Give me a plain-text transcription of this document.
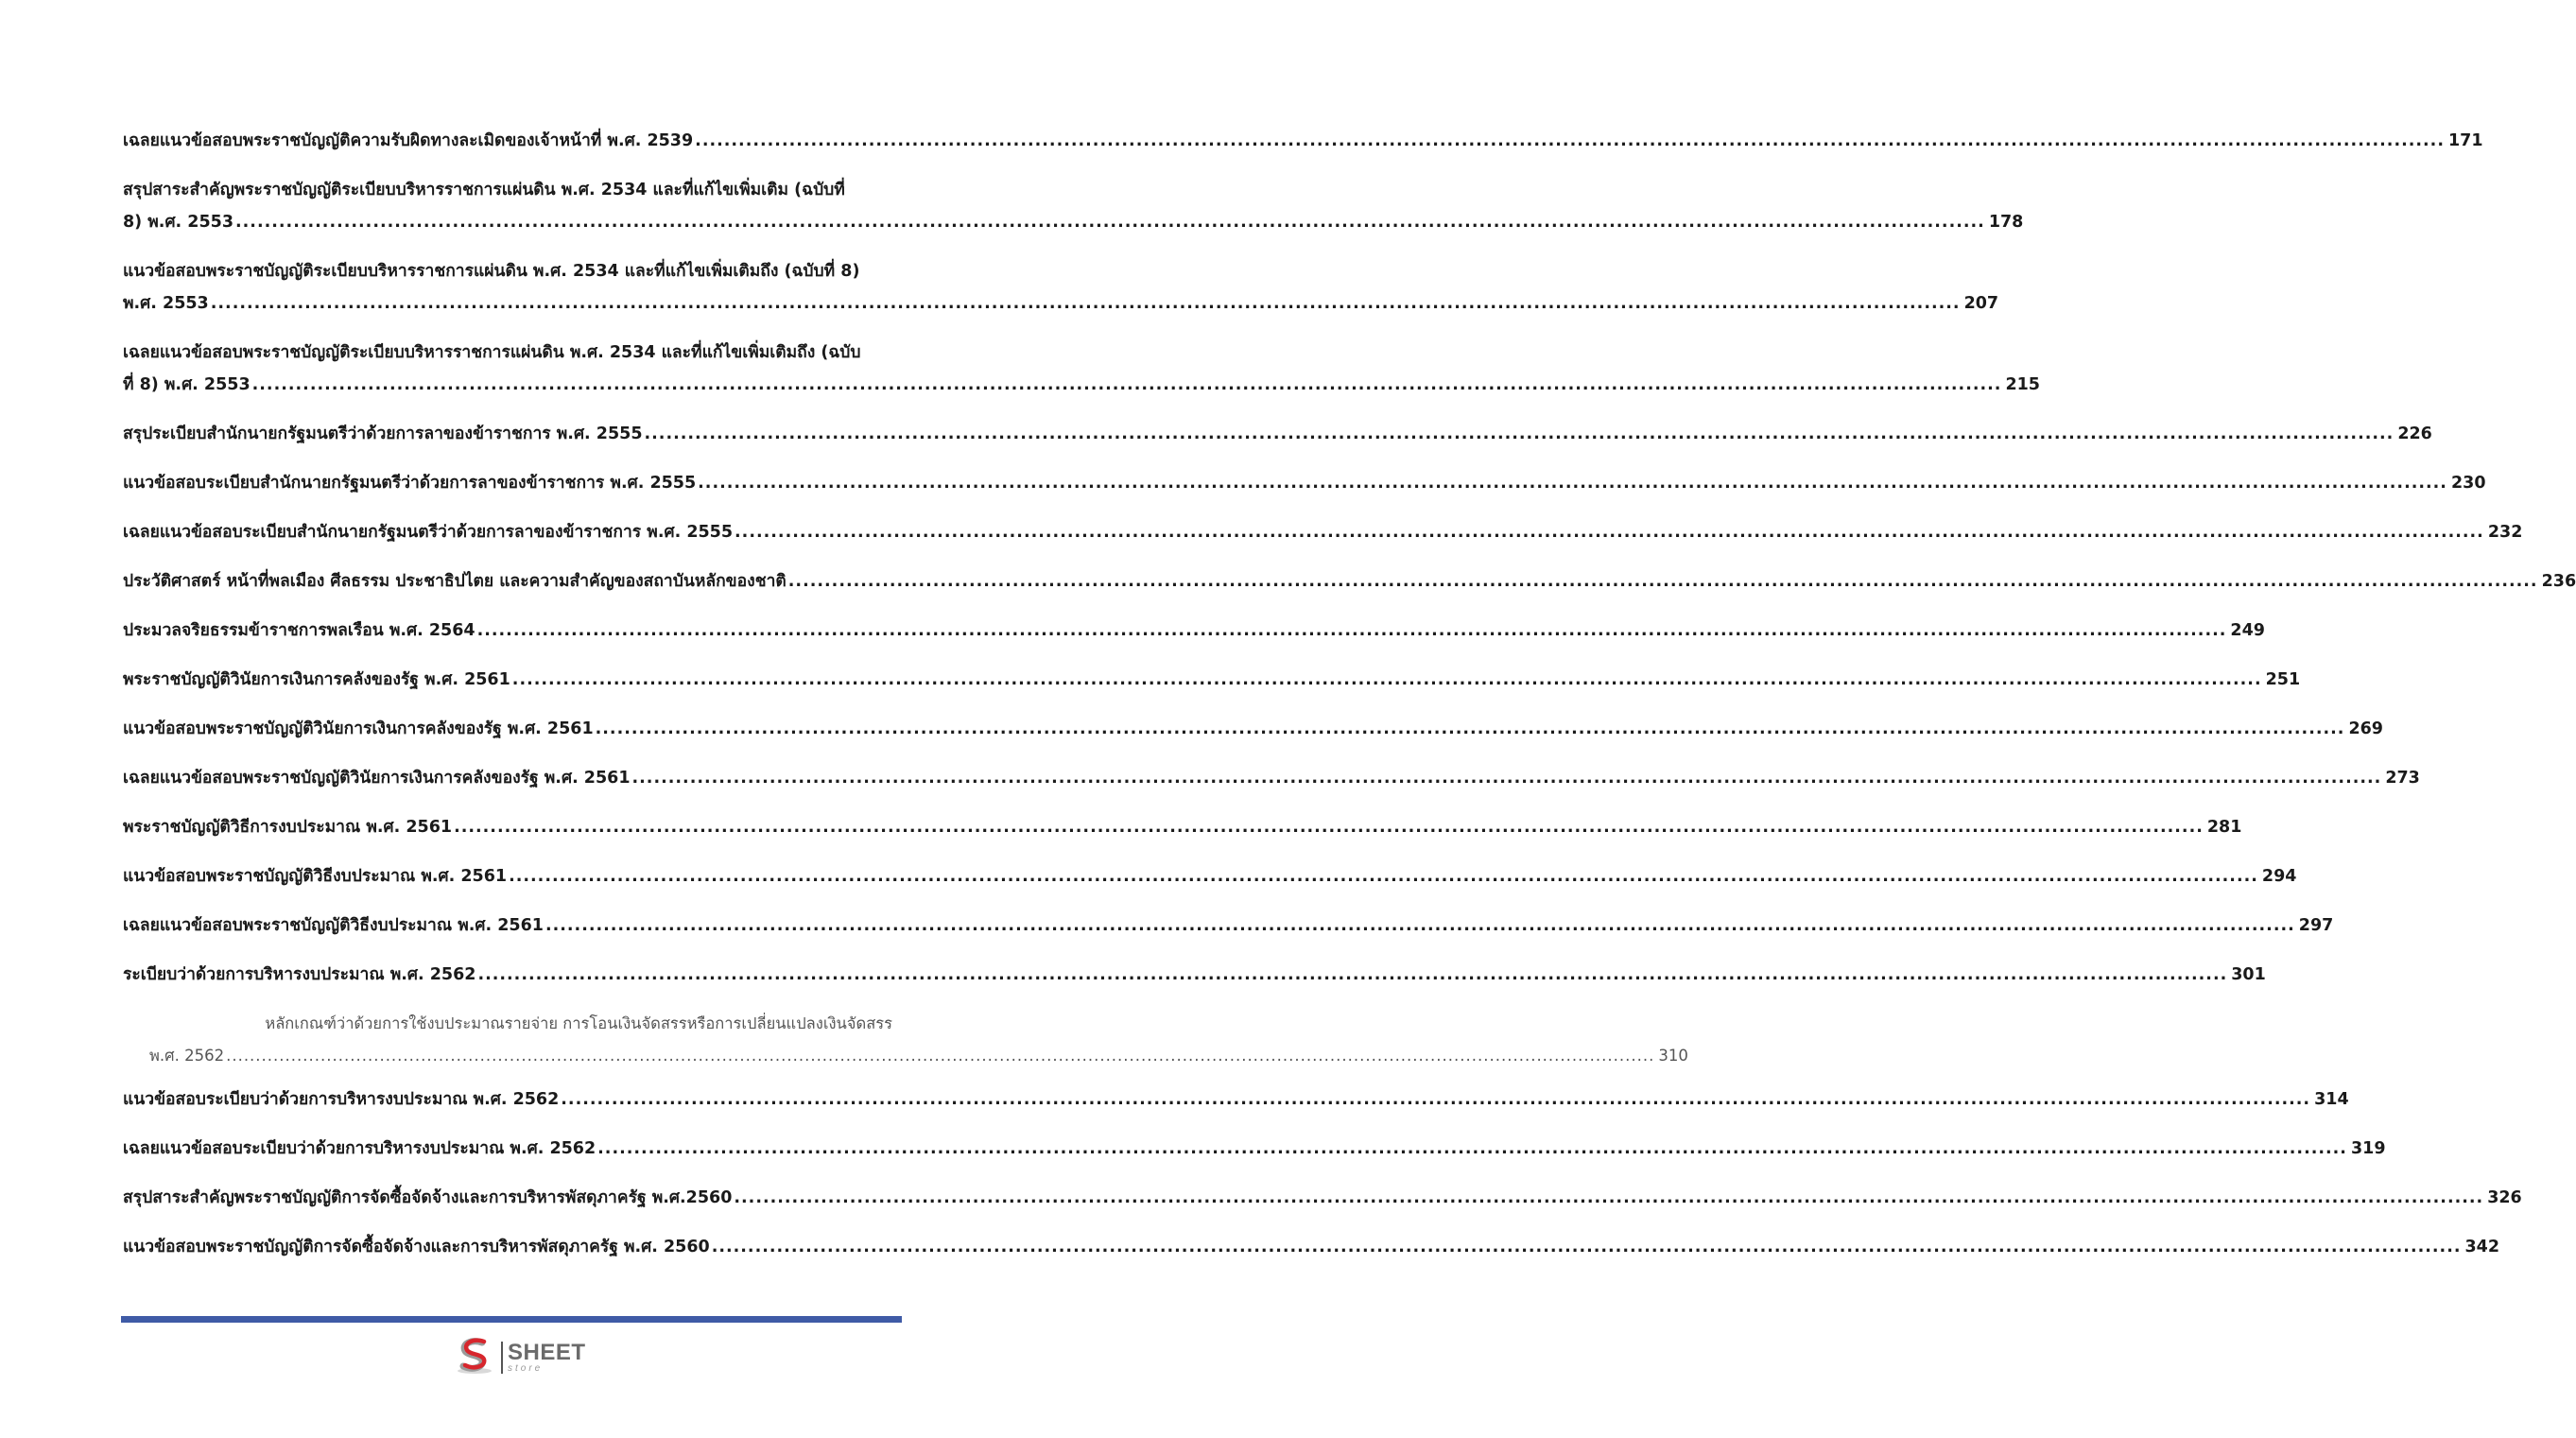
เฉลยแนวข้อสอบพระราชบัญญัติความรับผิดทางละเมิดของเจ้าหน้าที่ พ.ศ. 2539 .....	171
สรุปสาระสำคัญพระราชบัญญัติระเบียบบริหารราชการแผ่นดิน พ.ศ. 2534 และที่แก้ไขเพิ่มเติม (ฉบับที่
8) พ.ศ. 2553 .....	178
แนวข้อสอบพระราชบัญญัติระเบียบบริหารราชการแผ่นดิน พ.ศ. 2534 และที่แก้ไขเพิ่มเติมถึง (ฉบับที่ 8)
พ.ศ. 2553 .....	207
เฉลยแนวข้อสอบพระราชบัญญัติระเบียบบริหารราชการแผ่นดิน พ.ศ. 2534 และที่แก้ไขเพิ่มเติมถึง (ฉบับ
ที่ 8) พ.ศ. 2553 .....	215
สรุประเบียบสำนักนายกรัฐมนตรีว่าด้วยการลาของข้าราชการ พ.ศ. 2555 .....	226
แนวข้อสอบระเบียบสำนักนายกรัฐมนตรีว่าด้วยการลาของข้าราชการ พ.ศ. 2555 .....	230
เฉลยแนวข้อสอบระเบียบสำนักนายกรัฐมนตรีว่าด้วยการลาของข้าราชการ พ.ศ. 2555 .....	232
ประวัติศาสตร์ หน้าที่พลเมือง ศีลธรรม ประชาธิปไตย และความสำคัญของสถาบันหลักของชาติ .....	236
ประมวลจริยธรรมข้าราชการพลเรือน พ.ศ. 2564 .....	249
พระราชบัญญัติวินัยการเงินการคลังของรัฐ พ.ศ. 2561 .....	251
แนวข้อสอบพระราชบัญญัติวินัยการเงินการคลังของรัฐ พ.ศ. 2561 .....	269
เฉลยแนวข้อสอบพระราชบัญญัติวินัยการเงินการคลังของรัฐ พ.ศ. 2561 .....	273
พระราชบัญญัติวิธีการงบประมาณ พ.ศ. 2561 .....	281
แนวข้อสอบพระราชบัญญัติวิธีงบประมาณ พ.ศ. 2561 .....	294
เฉลยแนวข้อสอบพระราชบัญญัติวิธีงบประมาณ พ.ศ. 2561 .....	297
ระเบียบว่าด้วยการบริหารงบประมาณ พ.ศ. 2562 .....	301
หลักเกณฑ์ว่าด้วยการใช้งบประมาณรายจ่าย การโอนเงินจัดสรรหรือการเปลี่ยนแปลงเงินจัดสรร
พ.ศ. 2562 .....	310
แนวข้อสอบระเบียบว่าด้วยการบริหารงบประมาณ พ.ศ. 2562 .....	314
เฉลยแนวข้อสอบระเบียบว่าด้วยการบริหารงบประมาณ พ.ศ. 2562 .....	319
สรุปสาระสำคัญพระราชบัญญัติการจัดซื้อจัดจ้างและการบริหารพัสดุภาครัฐ พ.ศ.2560 .....	326
แนวข้อสอบพระราชบัญญัติการจัดซื้อจัดจ้างและการบริหารพัสดุภาครัฐ พ.ศ. 2560 .....	342
SHEET
store
